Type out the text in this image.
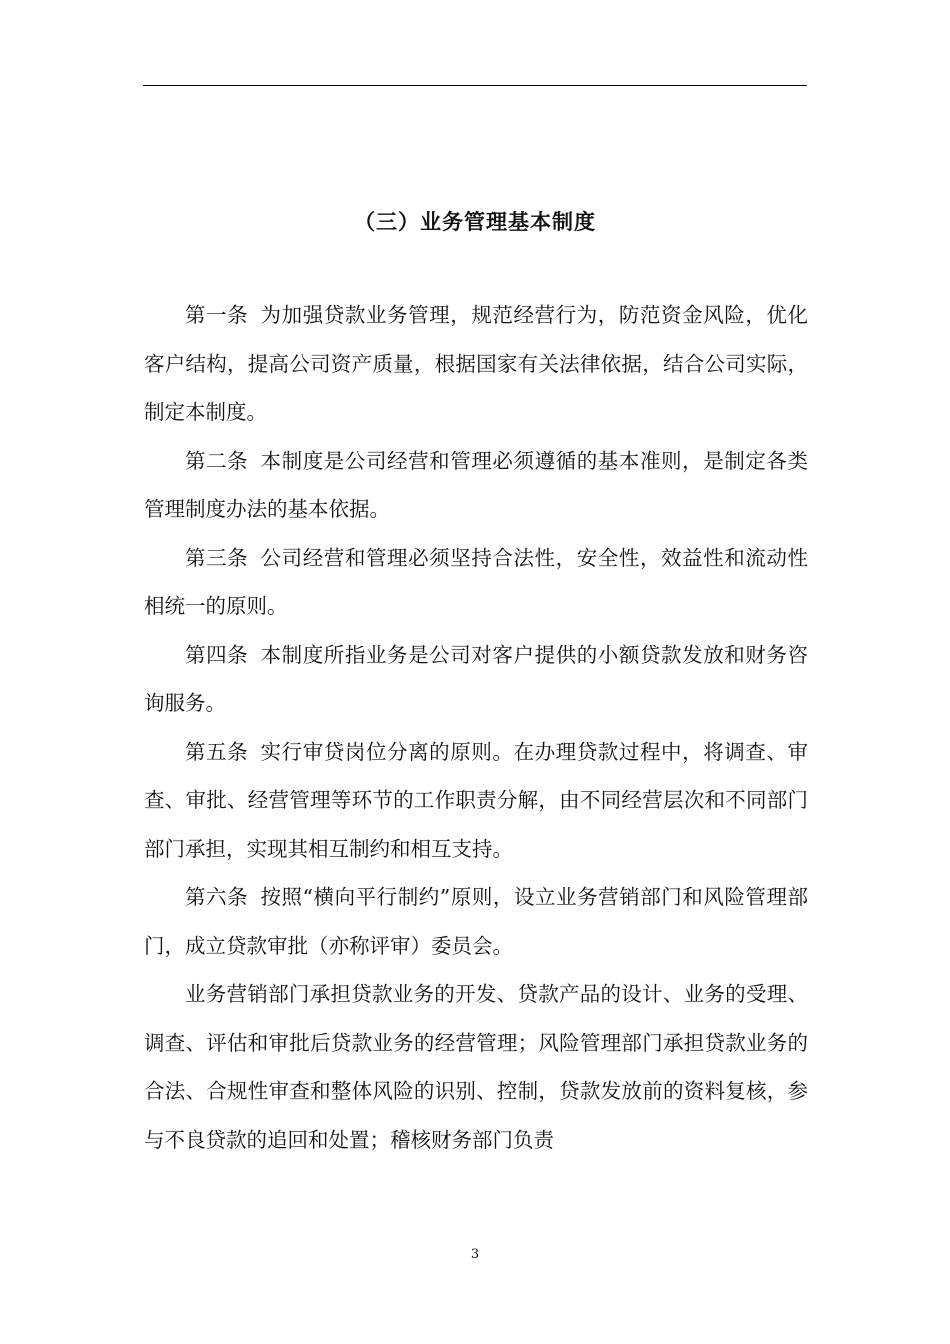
（三）业务管理基本制度

第一条 为加强贷款业务管理，规范经营行为，防范资金风险，优化客户结构，提高公司资产质量，根据国家有关法律依据，结合公司实际，制定本制度。

第二条 本制度是公司经营和管理必须遵循的基本准则，是制定各类管理制度办法的基本依据。

第三条 公司经营和管理必须坚持合法性，安全性，效益性和流动性相统一的原则。

第四条 本制度所指业务是公司对客户提供的小额贷款发放和财务咨询服务。

第五条 实行审贷岗位分离的原则。在办理贷款过程中，将调查、审查、审批、经营管理等环节的工作职责分解，由不同经营层次和不同部门部门承担，实现其相互制约和相互支持。

第六条 按照“横向平行制约”原则，设立业务营销部门和风险管理部门，成立贷款审批（亦称评审）委员会。

业务营销部门承担贷款业务的开发、贷款产品的设计、业务的受理、调查、评估和审批后贷款业务的经营管理；风险管理部门承担贷款业务的合法、合规性审查和整体风险的识别、控制，贷款发放前的资料复核，参与不良贷款的追回和处置；稽核财务部门负责

3
